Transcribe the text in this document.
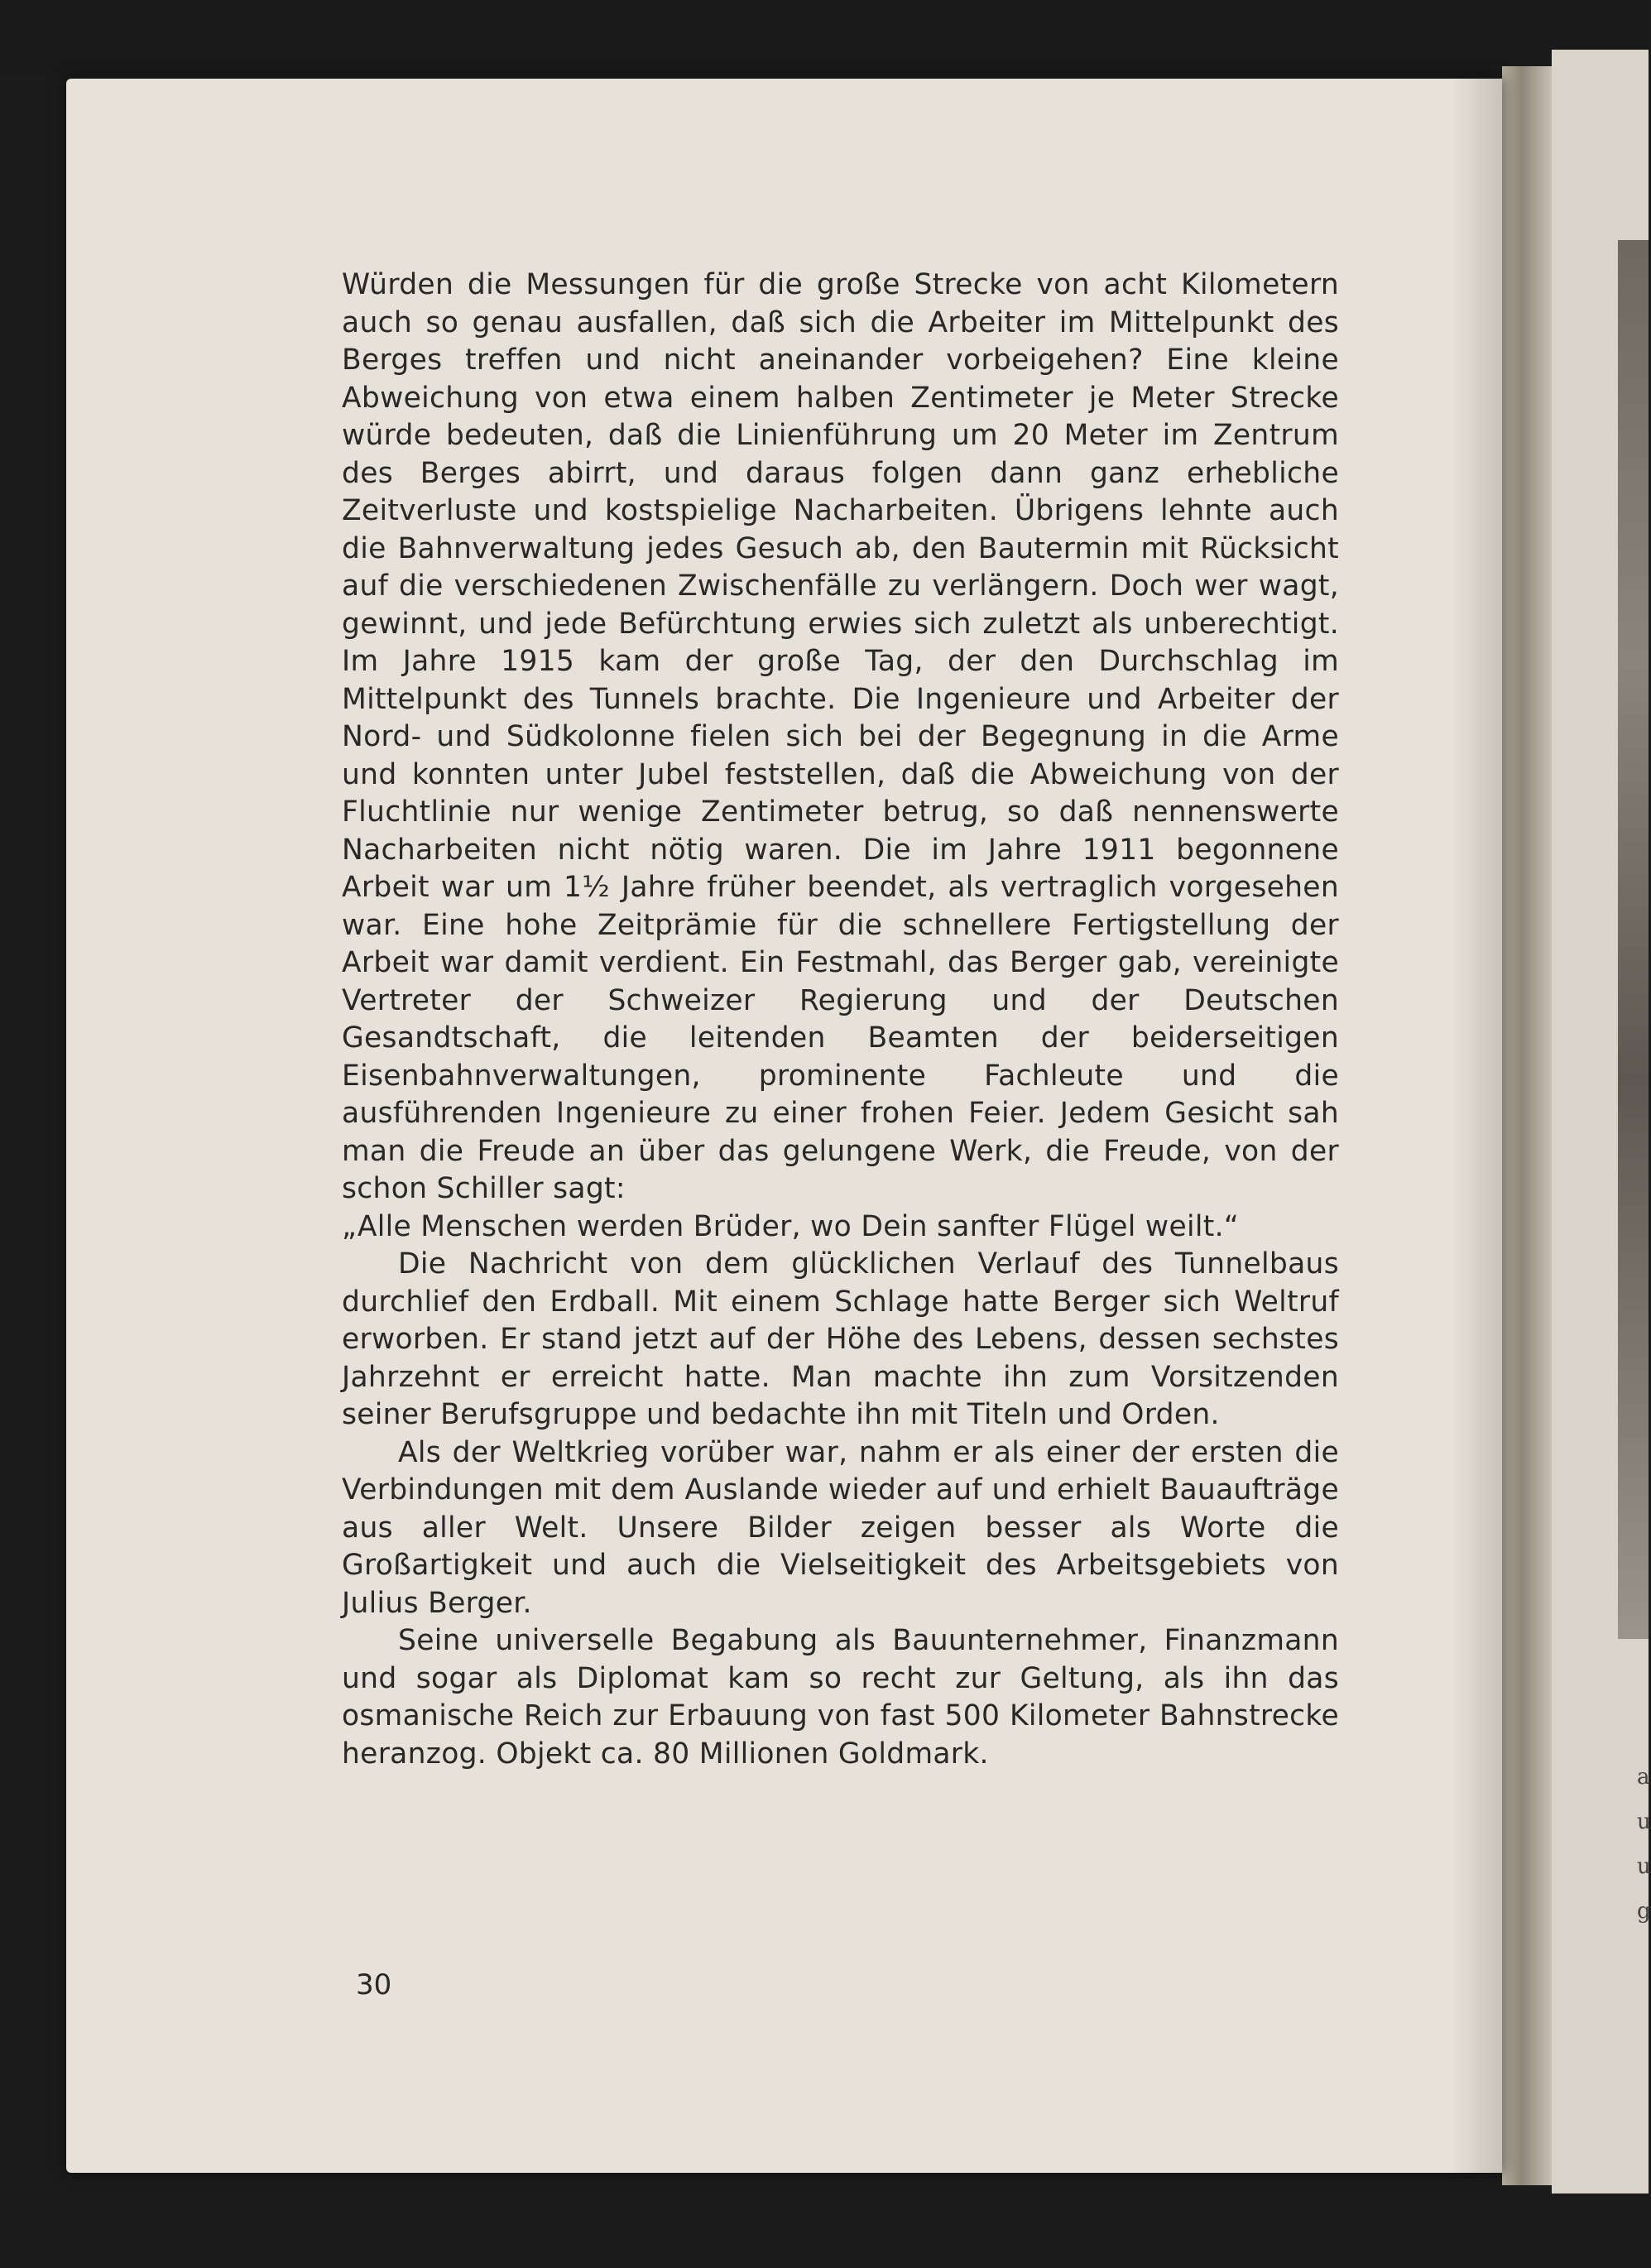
a
u
u
g

Würden die Messungen für die große Strecke von acht Kilometern auch so genau ausfallen, daß sich die Arbeiter im Mittelpunkt des Berges treffen und nicht aneinander vorbeigehen? Eine kleine Abweichung von etwa einem halben Zentimeter je Meter Strecke würde bedeuten, daß die Linienführung um 20 Meter im Zentrum des Berges abirrt, und daraus folgen dann ganz erhebliche Zeitverluste und kostspielige Nacharbeiten. Übrigens lehnte auch die Bahnverwaltung jedes Gesuch ab, den Bautermin mit Rücksicht auf die verschiedenen Zwischenfälle zu verlängern. Doch wer wagt, gewinnt, und jede Befürchtung erwies sich zuletzt als unberechtigt. Im Jahre 1915 kam der große Tag, der den Durchschlag im Mittelpunkt des Tunnels brachte. Die Ingenieure und Arbeiter der Nord- und Südkolonne fielen sich bei der Begegnung in die Arme und konnten unter Jubel feststellen, daß die Abweichung von der Fluchtlinie nur wenige Zentimeter betrug, so daß nennenswerte Nacharbeiten nicht nötig waren. Die im Jahre 1911 begonnene Arbeit war um 1½ Jahre früher beendet, als vertraglich vorgesehen war. Eine hohe Zeitprämie für die schnellere Fertigstellung der Arbeit war damit verdient. Ein Festmahl, das Berger gab, vereinigte Vertreter der Schweizer Regierung und der Deutschen Gesandtschaft, die leitenden Beamten der beiderseitigen Eisenbahnverwaltungen, prominente Fachleute und die ausführenden Ingenieure zu einer frohen Feier. Jedem Gesicht sah man die Freude an über das gelungene Werk, die Freude, von der schon Schiller sagt:

„Alle Menschen werden Brüder, wo Dein sanfter Flügel weilt.“

Die Nachricht von dem glücklichen Verlauf des Tunnelbaus durchlief den Erdball. Mit einem Schlage hatte Berger sich Weltruf erworben. Er stand jetzt auf der Höhe des Lebens, dessen sechstes Jahrzehnt er erreicht hatte. Man machte ihn zum Vorsitzenden seiner Berufsgruppe und bedachte ihn mit Titeln und Orden.

Als der Weltkrieg vorüber war, nahm er als einer der ersten die Verbindungen mit dem Auslande wieder auf und erhielt Bauaufträge aus aller Welt. Unsere Bilder zeigen besser als Worte die Großartigkeit und auch die Vielseitigkeit des Arbeitsgebiets von Julius Berger.

Seine universelle Begabung als Bauunternehmer, Finanzmann und sogar als Diplomat kam so recht zur Geltung, als ihn das osmanische Reich zur Erbauung von fast 500 Kilometer Bahnstrecke heranzog. Objekt ca. 80 Millionen Goldmark.

30
